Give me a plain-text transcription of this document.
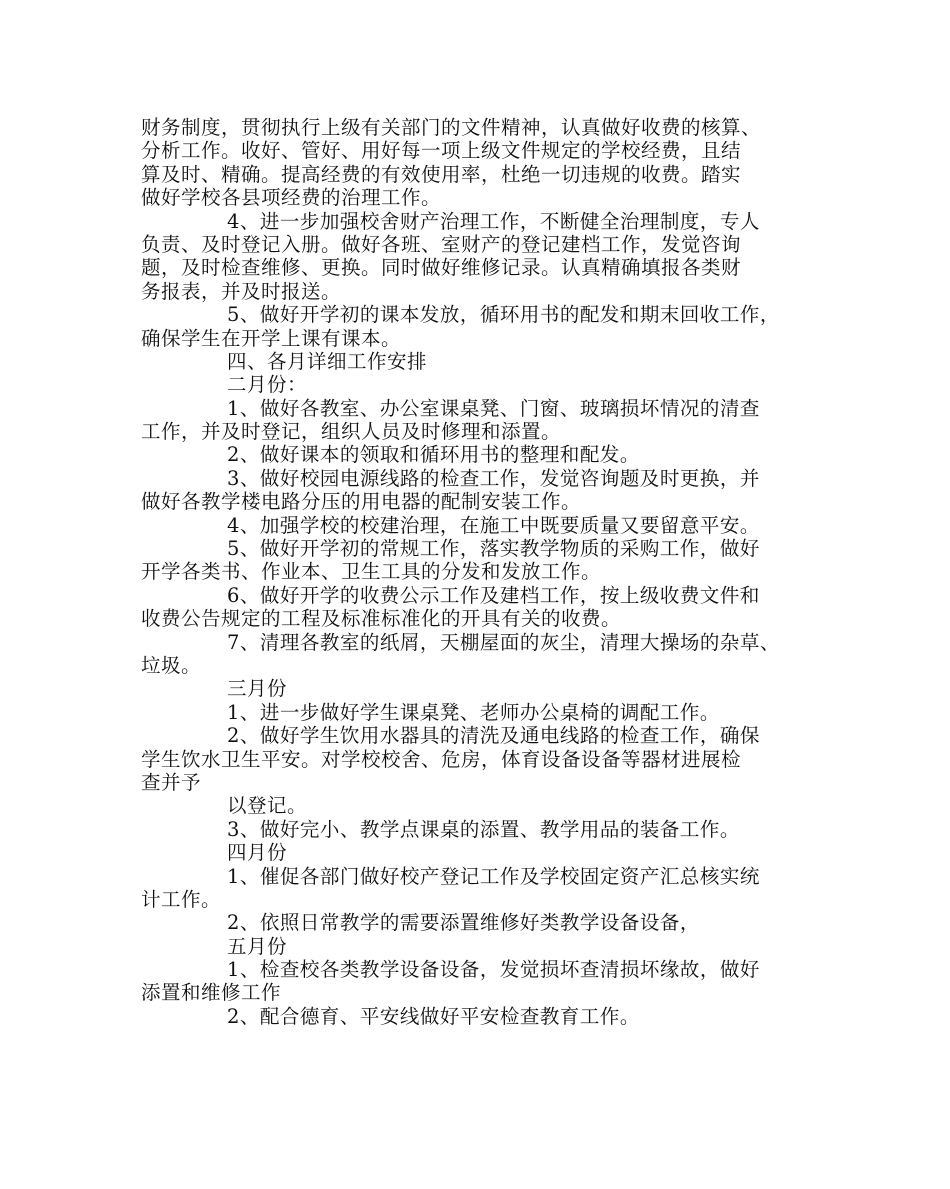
财务制度，贯彻执行上级有关部门的文件精神，认真做好收费的核算、
分析工作。收好、管好、用好每一项上级文件规定的学校经费，且结
算及时、精确。提高经费的有效使用率，杜绝一切违规的收费。踏实
做好学校各县项经费的治理工作。
4、进一步加强校舍财产治理工作，不断健全治理制度，专人
负责、及时登记入册。做好各班、室财产的登记建档工作，发觉咨询
题，及时检查维修、更换。同时做好维修记录。认真精确填报各类财
务报表，并及时报送。
5、做好开学初的课本发放，循环用书的配发和期末回收工作，
确保学生在开学上课有课本。
四、各月详细工作安排
二月份：
1、做好各教室、办公室课桌凳、门窗、玻璃损坏情况的清查
工作，并及时登记，组织人员及时修理和添置。
2、做好课本的领取和循环用书的整理和配发。
3、做好校园电源线路的检查工作，发觉咨询题及时更换，并
做好各教学楼电路分压的用电器的配制安装工作。
4、加强学校的校建治理，在施工中既要质量又要留意平安。
5、做好开学初的常规工作，落实教学物质的采购工作，做好
开学各类书、作业本、卫生工具的分发和发放工作。
6、做好开学的收费公示工作及建档工作，按上级收费文件和
收费公告规定的工程及标准标准化的开具有关的收费。
7、清理各教室的纸屑，天棚屋面的灰尘，清理大操场的杂草、
垃圾。
三月份
1、进一步做好学生课桌凳、老师办公桌椅的调配工作。
2、做好学生饮用水器具的清洗及通电线路的检查工作，确保
学生饮水卫生平安。对学校校舍、危房，体育设备设备等器材进展检
查并予
以登记。
3、做好完小、教学点课桌的添置、教学用品的装备工作。
四月份
1、催促各部门做好校产登记工作及学校固定资产汇总核实统
计工作。
2、依照日常教学的需要添置维修好类教学设备设备，
五月份
1、检查校各类教学设备设备，发觉损坏查清损坏缘故，做好
添置和维修工作
2、配合德育、平安线做好平安检查教育工作。
